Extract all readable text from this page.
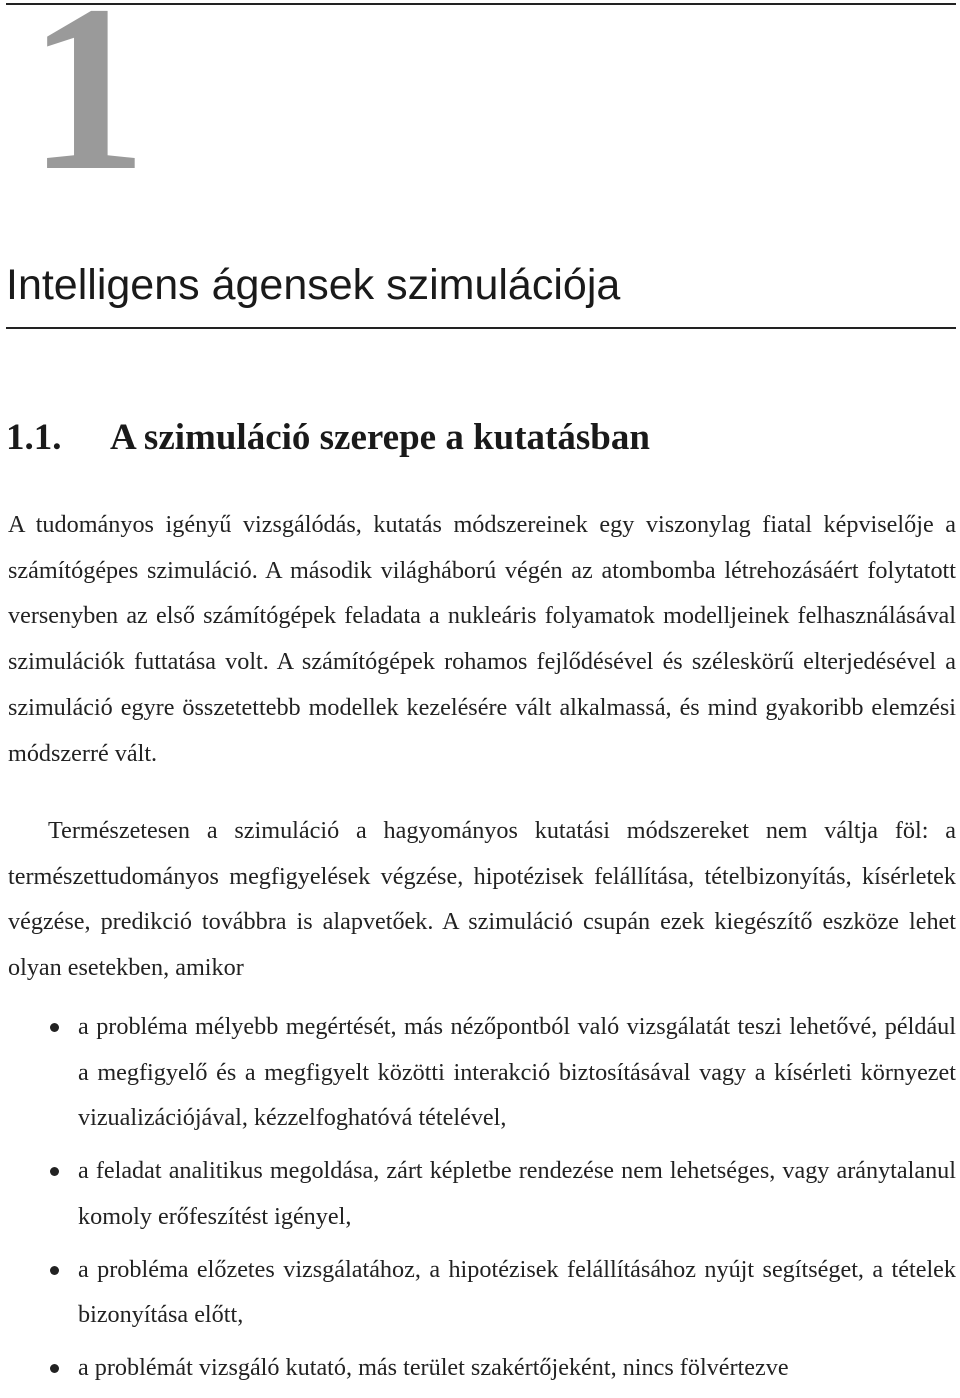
1
Intelligens ágensek szimulációja
1.1. A szimuláció szerepe a kutatásban

A tudományos igényű vizsgálódás, kutatás módszereinek egy viszonylag fiatal képviselője a számítógépes szimuláció. A második világháború végén az atombomba létrehozásáért folytatott versenyben az első számítógépek feladata a nukleáris folyamatok modelljeinek felhasználásával szimulációk futtatása volt. A számítógépek rohamos fejlődésével és széleskörű elterjedésével a szimuláció egyre összetettebb modellek kezelésére vált alkalmassá, és mind gyakoribb elemzési módszerré vált.

Természetesen a szimuláció a hagyományos kutatási módszereket nem váltja föl: a természettudományos megfigyelések végzése, hipotézisek felállítása, tételbizonyítás, kísérletek végzése, predikció továbbra is alapvetőek. A szimuláció csupán ezek kiegészítő eszköze lehet olyan esetekben, amikor

a probléma mélyebb megértését, más nézőpontból való vizsgálatát teszi lehetővé, például a megfigyelő és a megfigyelt közötti interakció biztosításával vagy a kísérleti környezet vizualizációjával, kézzelfoghatóvá tételével,
a feladat analitikus megoldása, zárt képletbe rendezése nem lehetséges, vagy aránytalanul komoly erőfeszítést igényel,
a probléma előzetes vizsgálatához, a hipotézisek felállításához nyújt segítséget, a tételek bizonyítása előtt,
a problémát vizsgáló kutató, más terület szakértőjeként, nincs fölvértezve
